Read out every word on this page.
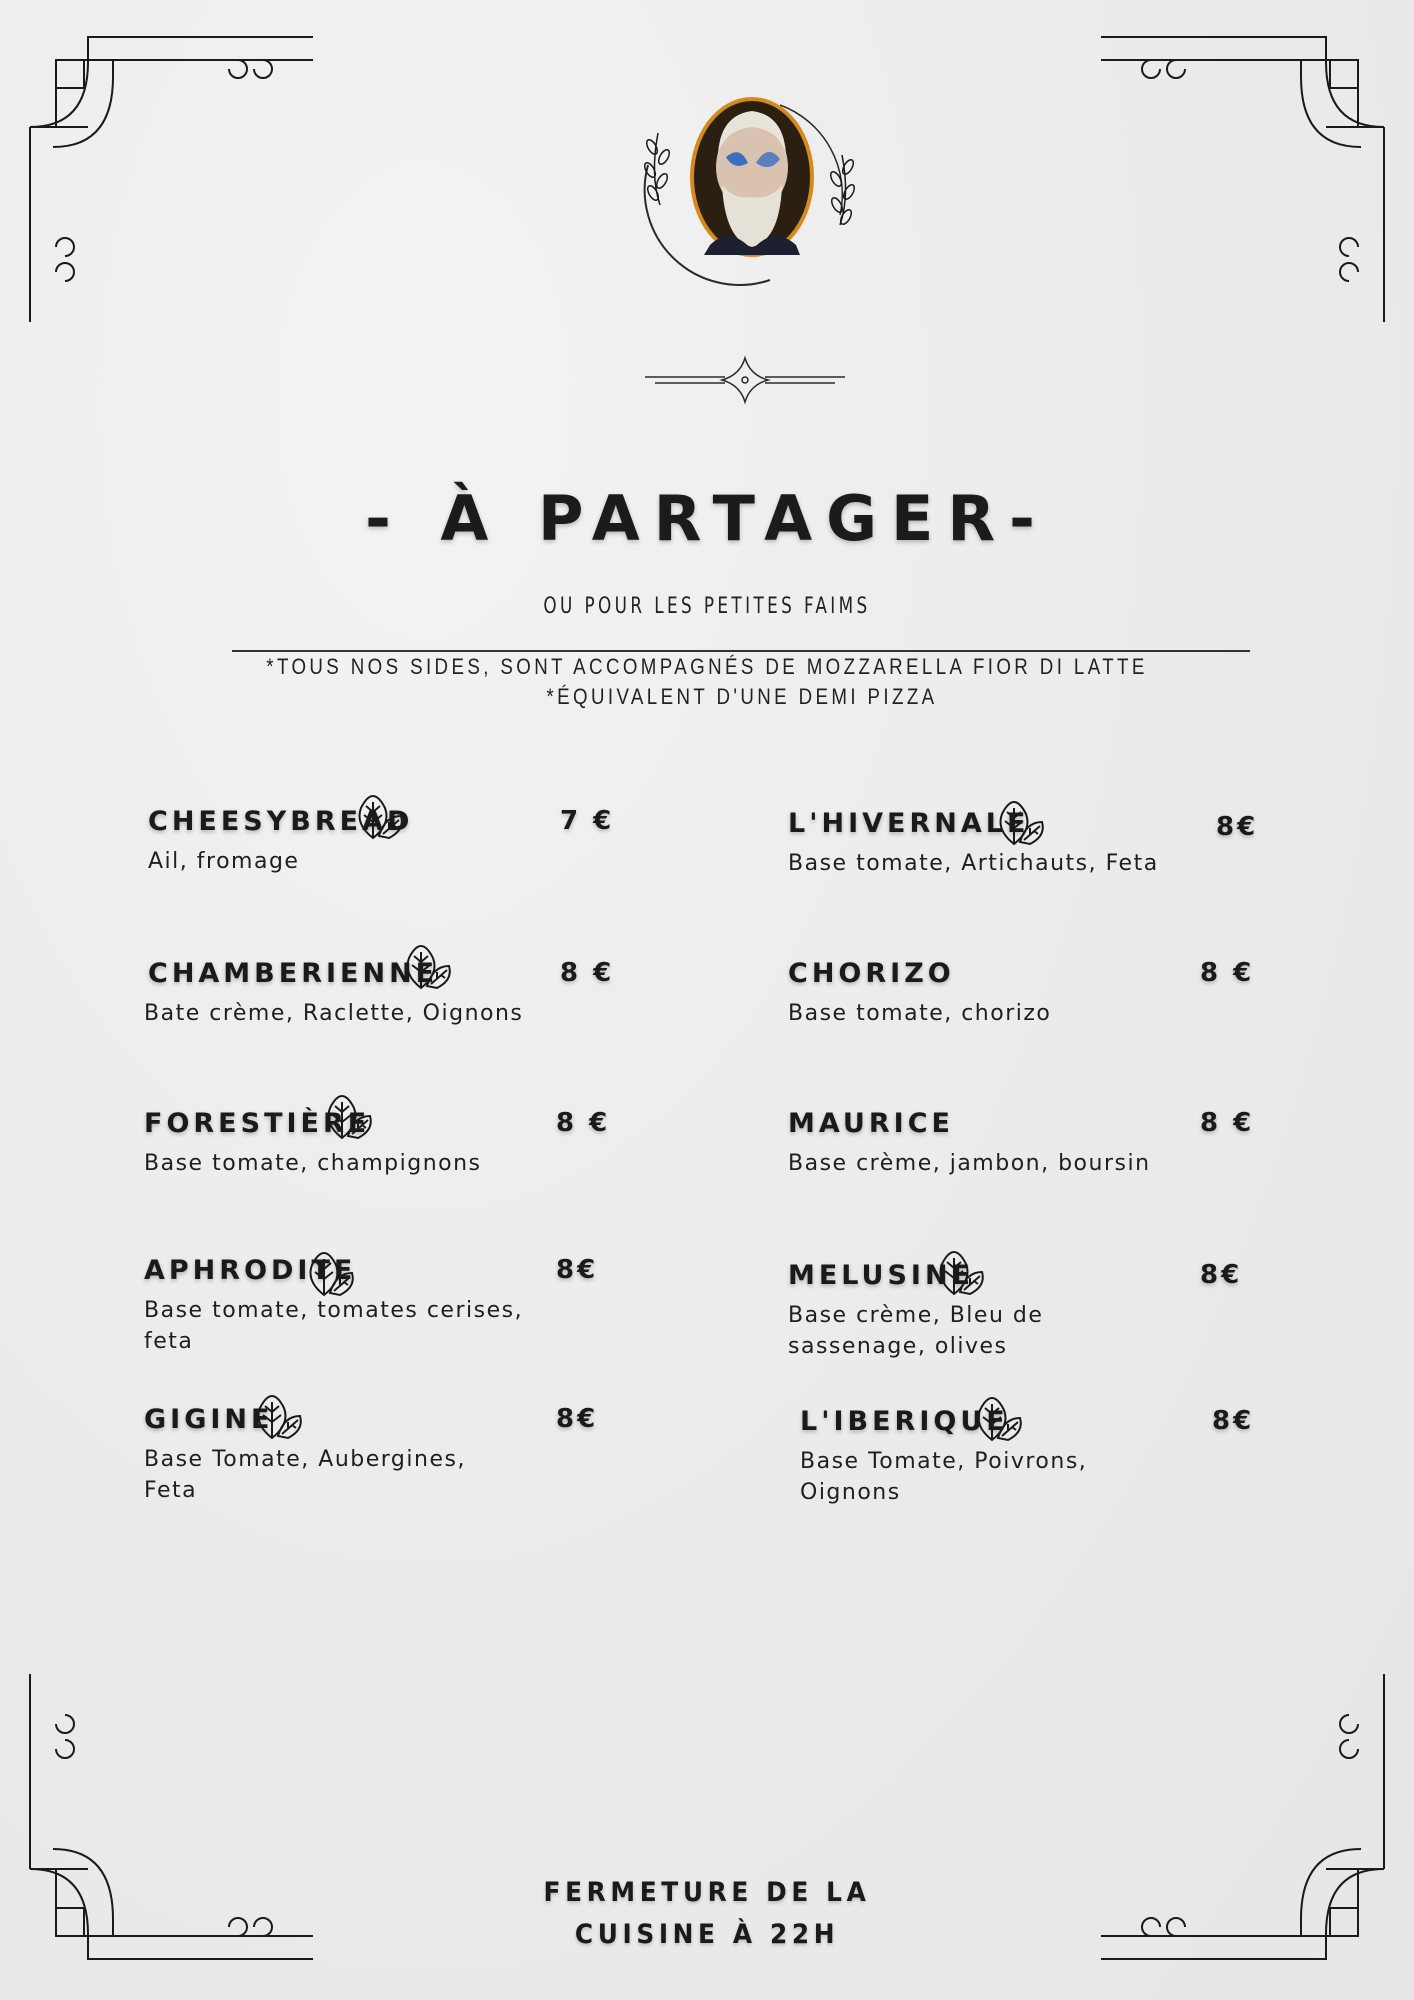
- À PARTAGER-
OU POUR LES PETITES FAIMS
*TOUS NOS SIDES, SONT ACCOMPAGNÉS DE MOZZARELLA FIOR DI LATTE
*ÉQUIVALENT D'UNE DEMI PIZZA
CHEESYBREAD	7 €
Ail, fromage
CHAMBERIENNE	8 €
Bate crème, Raclette, Oignons
FORESTIÈRE	8 €
Base tomate, champignons
APHRODITE	8€
Base tomate, tomates cerises, feta
GIGINE	8€
Base Tomate, Aubergines, Feta
L'HIVERNALE	8€
Base tomate, Artichauts, Feta
CHORIZO	8 €
Base tomate, chorizo
MAURICE	8 €
Base crème, jambon, boursin
MELUSINE	8€
Base crème, Bleu de sassenage, olives
L'IBERIQUE	8€
Base Tomate, Poivrons, Oignons
FERMETURE DE LA
CUISINE À 22H
